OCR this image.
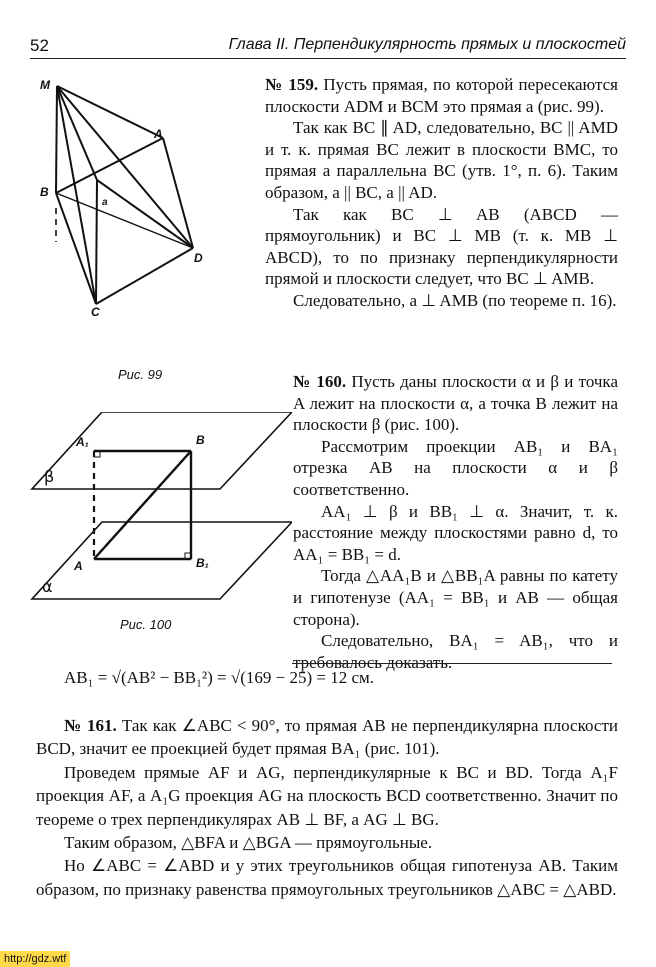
52	Глава II. Перпендикулярность прямых и плоскостей
M
A
B
a
D
C
Рис. 99
A₁	B
A	B₁
β
α
Рис. 100

№ 159. Пусть прямая, по которой пересекаются плоскости ADM и BCM это прямая a (рис. 99).

Так как BC ∥ AD, следовательно, BC || AMD и т. к. прямая BC лежит в плоскости BMC, то прямая a параллельна BC (утв. 1°, п. 6). Таким образом, a || BC, a || AD.

Так как BC ⊥ AB (ABCD — прямоугольник) и BC ⊥ MB (т. к. MB ⊥ ABCD), то по признаку перпендикулярности прямой и плоскости следует, что BC ⊥ AMB.

Следовательно, a ⊥ AMB (по теореме п. 16).

№ 160. Пусть даны плоскости α и β и точка A лежит на плоскости α, а точка B лежит на плоскости β (рис. 100).

Рассмотрим проекции AB₁ и BA₁ отрезка AB на плоскости α и β соответственно.

AA₁ ⊥ β и BB₁ ⊥ α. Значит, т. к. расстояние между плоскостями равно d, то AA₁ = BB₁ = d.

Тогда △AA₁B и △BB₁A равны по катету и гипотенузе (AA₁ = BB₁ и AB — общая сторона).

Следовательно, BA₁ = AB₁, что и требовалось доказать.

AB₁ = √(AB² − BB₁²) = √(169 − 25) = 12 см.

№ 161. Так как ∠ABC < 90°, то прямая AB не перпендикулярна плоскости BCD, значит ее проекцией будет прямая BA₁ (рис. 101).

Проведем прямые AF и AG, перпендикулярные к BC и BD. Тогда A₁F проекция AF, а A₁G проекция AG на плоскость BCD соответственно. Значит по теореме о трех перпендикулярах AB ⊥ BF, а AG ⊥ BG.

Таким образом, △BFA и △BGA — прямоугольные.

Но ∠ABC = ∠ABD и у этих треугольников общая гипотенуза AB. Таким образом, по признаку равенства прямоугольных треугольников △ABC = △ABD.

http://gdz.wtf
